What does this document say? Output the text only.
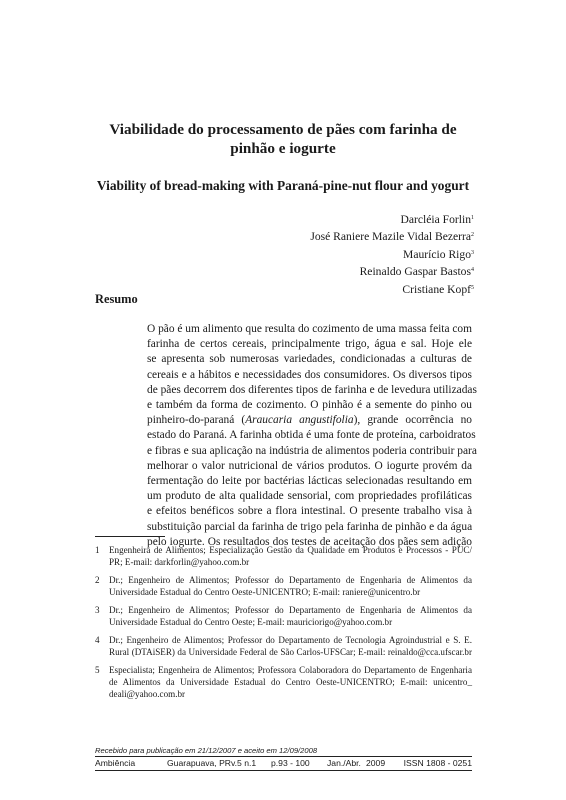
Viabilidade do processamento de pães com farinha de
pinhão e iogurte
Viability of bread-making with Paraná-pine-nut flour and yogurt
Darcléia Forlin$^1$
José Raniere Mazile Vidal Bezerra$^2$
Maurício Rigo$^3$
Reinaldo Gaspar Bastos$^4$
Cristiane Kopf$^5$
Resumo
O pão é um alimento que resulta do cozimento de uma massa feita com
farinha de certos cereais, principalmente trigo, água e sal. Hoje ele
se apresenta sob numerosas variedades, condicionadas a culturas de
cereais e a hábitos e necessidades dos consumidores. Os diversos tipos
de pães decorrem dos diferentes tipos de farinha e de levedura utilizadas
e também da forma de cozimento. O pinhão é a semente do pinho ou
pinheiro-do-paraná (Araucaria angustifolia), grande ocorrência no
estado do Paraná. A farinha obtida é uma fonte de proteína, carboidratos
e fibras e sua aplicação na indústria de alimentos poderia contribuir para
melhorar o valor nutricional de vários produtos. O iogurte provém da
fermentação do leite por bactérias lácticas selecionadas resultando em
um produto de alta qualidade sensorial, com propriedades profiláticas
e efeitos benéficos sobre a flora intestinal. O presente trabalho visa à
substituição parcial da farinha de trigo pela farinha de pinhão e da água
pelo iogurte. Os resultados dos testes de aceitação dos pães sem adição
1 Engenheira de Alimentos; Especialização Gestão da Qualidade em Produtos e Processos - PUC/
PR; E-mail: darkforlin@yahoo.com.br
2 Dr.; Engenheiro de Alimentos; Professor do Departamento de Engenharia de Alimentos da
Universidade Estadual do Centro Oeste-UNICENTRO; E-mail: raniere@unicentro.br
3 Dr.; Engenheiro de Alimentos; Professor do Departamento de Engenharia de Alimentos da
Universidade Estadual do Centro Oeste; E-mail: mauriciorigo@yahoo.com.br
4 Dr.; Engenheiro de Alimentos; Professor do Departamento de Tecnologia Agroindustrial e S. E.
Rural (DTAiSER) da Universidade Federal de São Carlos-UFSCar; E-mail: reinaldo@cca.ufscar.br
5 Especialista; Engenheira de Alimentos; Professora Colaboradora do Departamento de Engenharia
de Alimentos da Universidade Estadual do Centro Oeste-UNICENTRO; E-mail: unicentro_
deali@yahoo.com.br
Recebido para publicação em 21/12/2007 e aceito em 12/09/2008
Ambiência	Guarapuava, PR v.5 n.1 p.93 - 100 Jan./Abr. 2009 ISSN 1808 - 0251
